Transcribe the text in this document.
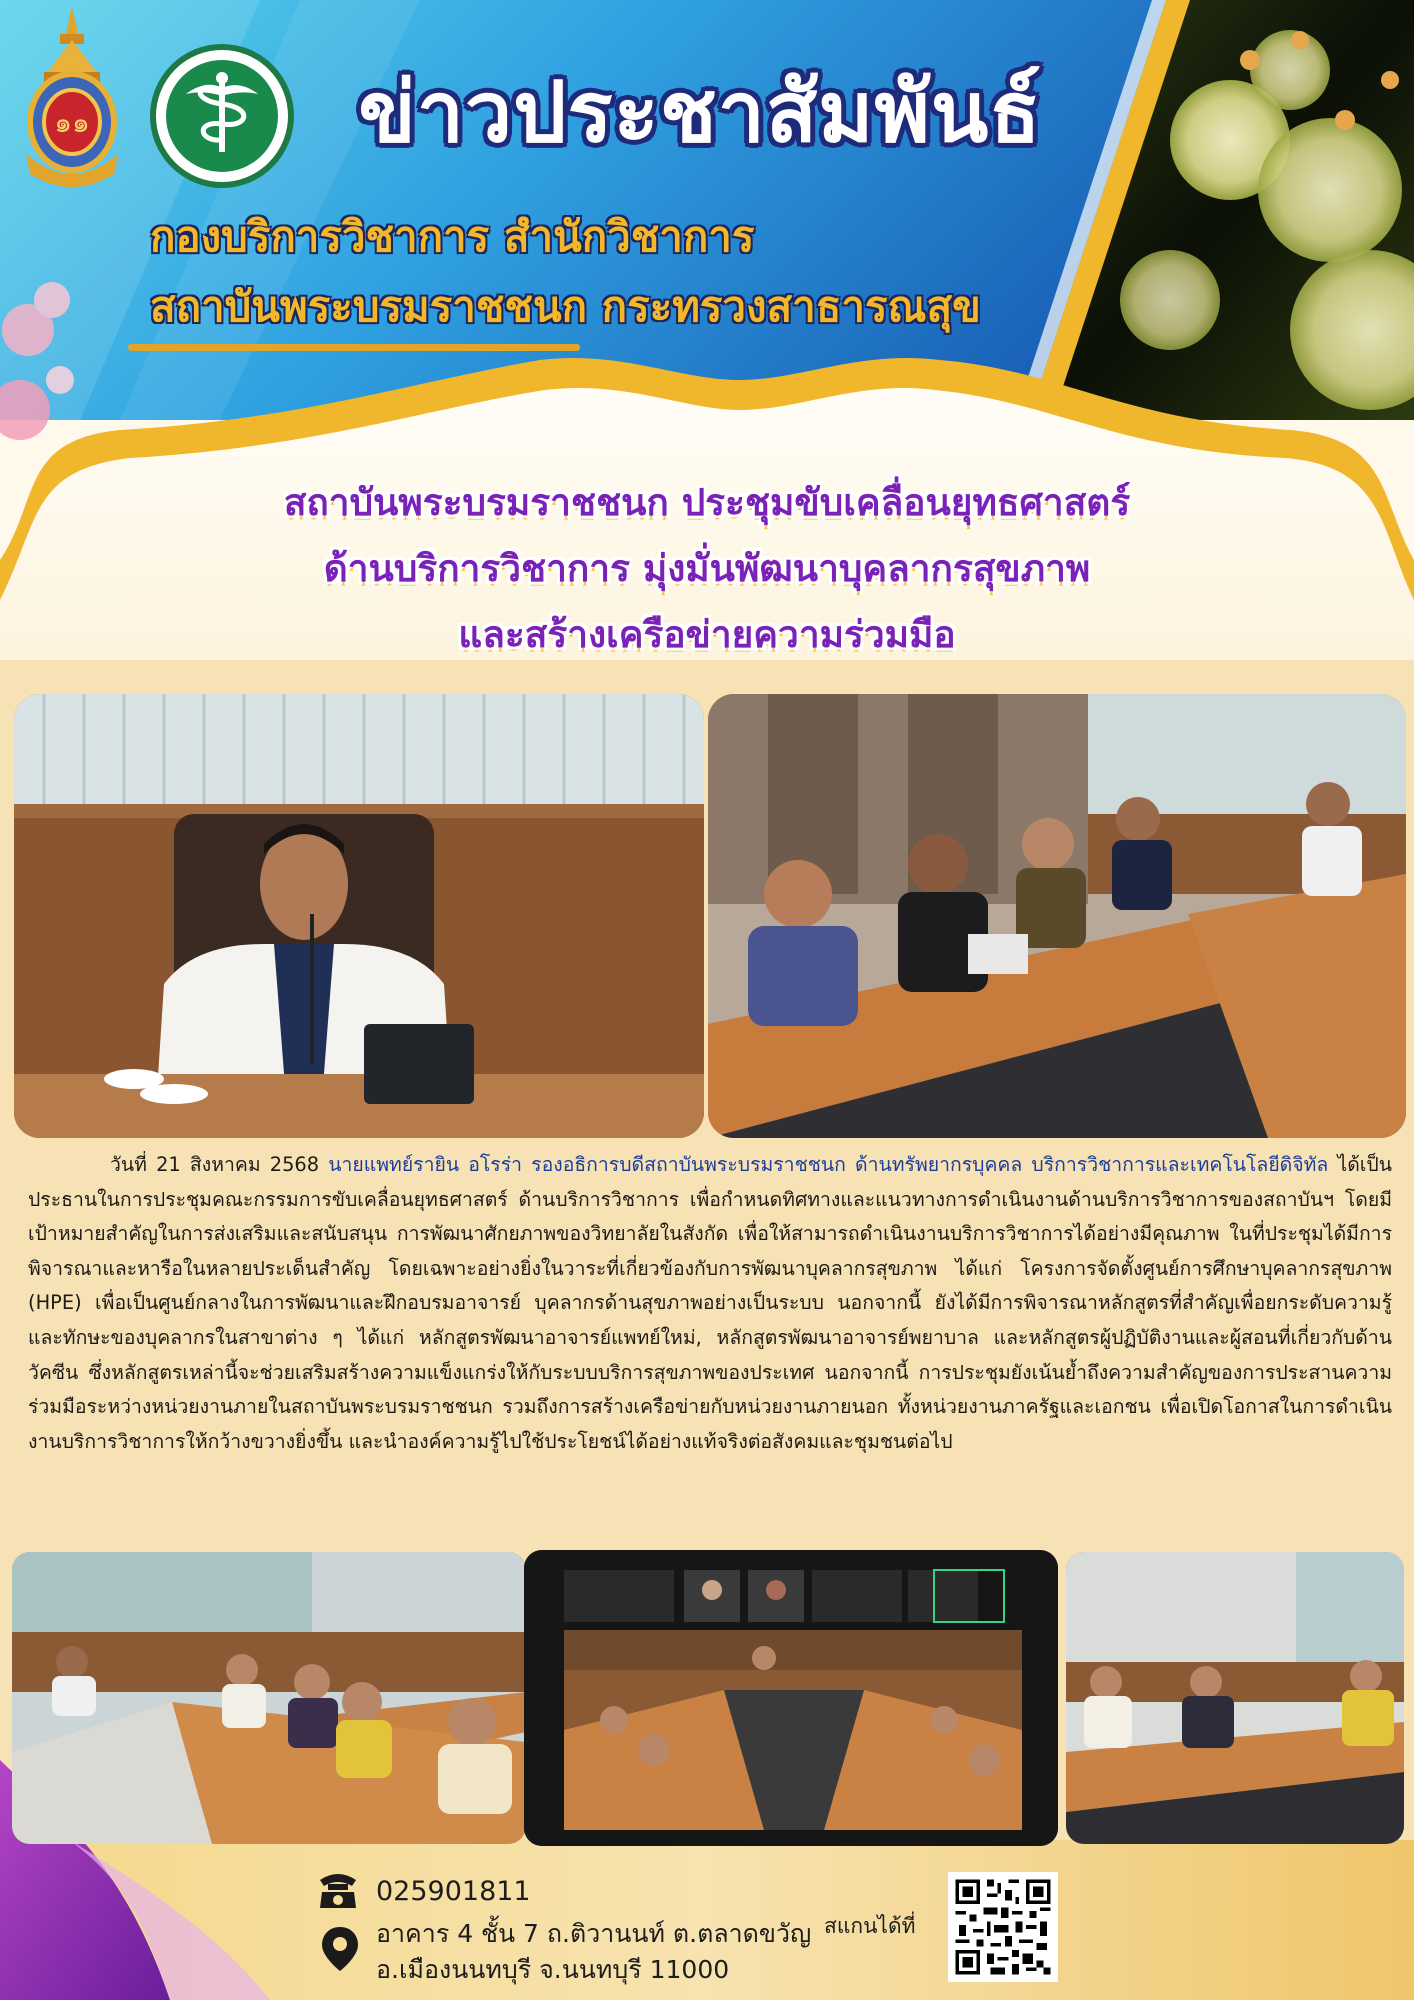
๑๑	ข่าวประชาสัมพันธ์
กองบริการวิชาการ สำนักวิชาการ
สถาบันพระบรมราชชนก กระทรวงสาธารณสุข
สถาบันพระบรมราชชนก ประชุมขับเคลื่อนยุทธศาสตร์
ด้านบริการวิชาการ มุ่งมั่นพัฒนาบุคลากรสุขภาพ
และสร้างเครือข่ายความร่วมมือ
วันที่ 21 สิงหาคม 2568 นายแพทย์รายิน อโรร่า รองอธิการบดีสถาบันพระบรมราชชนก ด้านทรัพยากรบุคคล บริการวิชาการและเทคโนโลยีดิจิทัล ได้เป็นประธานในการประชุมคณะกรรมการขับเคลื่อนยุทธศาสตร์ ด้านบริการวิชาการ เพื่อกำหนดทิศทางและแนวทางการดำเนินงานด้านบริการวิชาการของสถาบันฯ โดยมีเป้าหมายสำคัญในการส่งเสริมและสนับสนุน การพัฒนาศักยภาพของวิทยาลัยในสังกัด เพื่อให้สามารถดำเนินงานบริการวิชาการได้อย่างมีคุณภาพ ในที่ประชุมได้มีการพิจารณาและหารือในหลายประเด็นสำคัญ โดยเฉพาะอย่างยิ่งในวาระที่เกี่ยวข้องกับการพัฒนาบุคลากรสุขภาพ ได้แก่ โครงการจัดตั้งศูนย์การศึกษาบุคลากรสุขภาพ (HPE) เพื่อเป็นศูนย์กลางในการพัฒนาและฝึกอบรมอาจารย์ บุคลากรด้านสุขภาพอย่างเป็นระบบ นอกจากนี้ ยังได้มีการพิจารณาหลักสูตรที่สำคัญเพื่อยกระดับความรู้และทักษะของบุคลากรในสาขาต่าง ๆ ได้แก่ หลักสูตรพัฒนาอาจารย์แพทย์ใหม่, หลักสูตรพัฒนาอาจารย์พยาบาล และหลักสูตรผู้ปฏิบัติงานและผู้สอนที่เกี่ยวกับด้านวัคซีน ซึ่งหลักสูตรเหล่านี้จะช่วยเสริมสร้างความแข็งแกร่งให้กับระบบบริการสุขภาพของประเทศ นอกจากนี้ การประชุมยังเน้นย้ำถึงความสำคัญของการประสานความร่วมมือระหว่างหน่วยงานภายในสถาบันพระบรมราชชนก รวมถึงการสร้างเครือข่ายกับหน่วยงานภายนอก ทั้งหน่วยงานภาครัฐและเอกชน เพื่อเปิดโอกาสในการดำเนินงานบริการวิชาการให้กว้างขวางยิ่งขึ้น และนำองค์ความรู้ไปใช้ประโยชน์ได้อย่างแท้จริงต่อสังคมและชุมชนต่อไป
025901811
อาคาร 4 ชั้น 7 ถ.ติวานนท์ ต.ตลาดขวัญ
อ.เมืองนนทบุรี จ.นนทบุรี 11000
สแกนได้ที่
